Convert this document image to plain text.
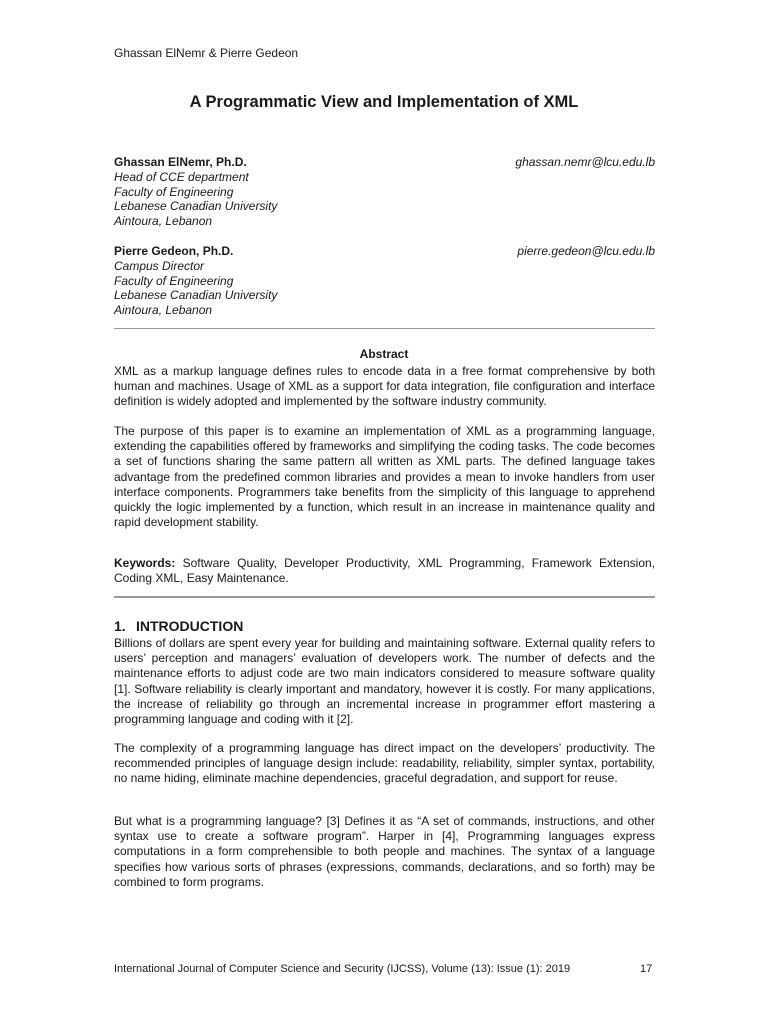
Ghassan ElNemr & Pierre Gedeon
A Programmatic View and Implementation of XML
Ghassan ElNemr, Ph.D.	ghassan.nemr@lcu.edu.lb
Head of CCE department
Faculty of Engineering
Lebanese Canadian University
Aintoura, Lebanon
Pierre Gedeon, Ph.D.	pierre.gedeon@lcu.edu.lb
Campus Director
Faculty of Engineering
Lebanese Canadian University
Aintoura, Lebanon
Abstract

XML as a markup language defines rules to encode data in a free format comprehensive by both human and machines. Usage of XML as a support for data integration, file configuration and interface definition is widely adopted and implemented by the software industry community.

The purpose of this paper is to examine an implementation of XML as a programming language, extending the capabilities offered by frameworks and simplifying the coding tasks. The code becomes a set of functions sharing the same pattern all written as XML parts. The defined language takes advantage from the predefined common libraries and provides a mean to invoke handlers from user interface components. Programmers take benefits from the simplicity of this language to apprehend quickly the logic implemented by a function, which result in an increase in maintenance quality and rapid development stability.

Keywords: Software Quality, Developer Productivity, XML Programming, Framework Extension, Coding XML, Easy Maintenance.

1. INTRODUCTION

Billions of dollars are spent every year for building and maintaining software. External quality refers to users’ perception and managers’ evaluation of developers work. The number of defects and the maintenance efforts to adjust code are two main indicators considered to measure software quality [1]. Software reliability is clearly important and mandatory, however it is costly. For many applications, the increase of reliability go through an incremental increase in programmer effort mastering a programming language and coding with it [2].

The complexity of a programming language has direct impact on the developers’ productivity. The recommended principles of language design include: readability, reliability, simpler syntax, portability, no name hiding, eliminate machine dependencies, graceful degradation, and support for reuse.

But what is a programming language? [3] Defines it as “A set of commands, instructions, and other syntax use to create a software program”. Harper in [4], Programming languages express computations in a form comprehensible to both people and machines. The syntax of a language specifies how various sorts of phrases (expressions, commands, declarations, and so forth) may be combined to form programs.

International Journal of Computer Science and Security (IJCSS), Volume (13): Issue (1): 2019	17
